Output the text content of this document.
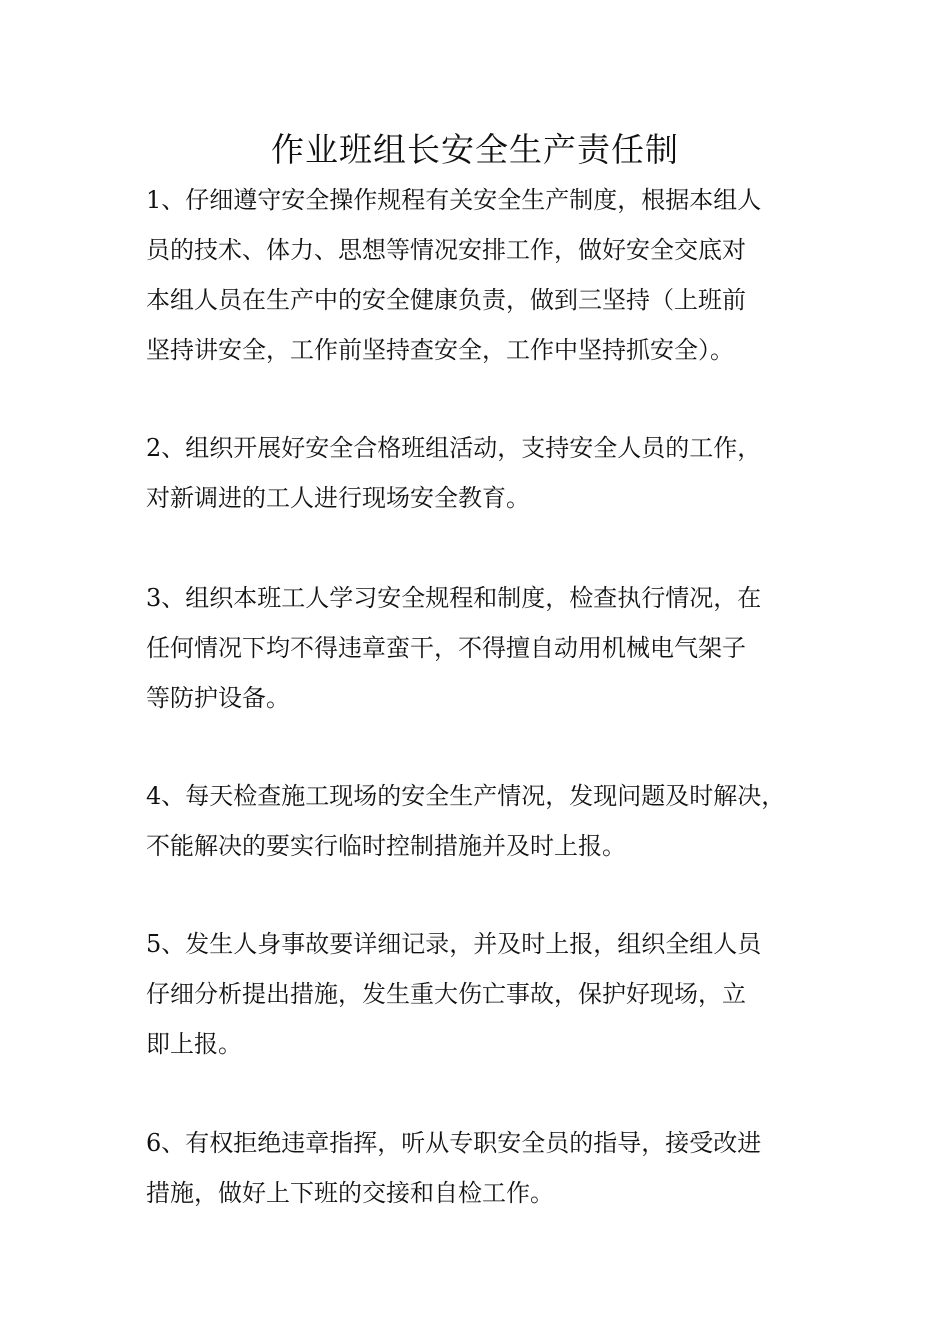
作业班组长安全生产责任制
1、仔细遵守安全操作规程有关安全生产制度，根据本组人
员的技术、体力、思想等情况安排工作，做好安全交底对
本组人员在生产中的安全健康负责，做到三坚持（上班前
坚持讲安全，工作前坚持查安全，工作中坚持抓安全）。
2、组织开展好安全合格班组活动，支持安全人员的工作，
对新调进的工人进行现场安全教育。
3、组织本班工人学习安全规程和制度，检查执行情况，在
任何情况下均不得违章蛮干，不得擅自动用机械电气架子
等防护设备。
4、每天检查施工现场的安全生产情况，发现问题及时解决，
不能解决的要实行临时控制措施并及时上报。
5、发生人身事故要详细记录，并及时上报，组织全组人员
仔细分析提出措施，发生重大伤亡事故，保护好现场，立
即上报。
6、有权拒绝违章指挥，听从专职安全员的指导，接受改进
措施，做好上下班的交接和自检工作。
